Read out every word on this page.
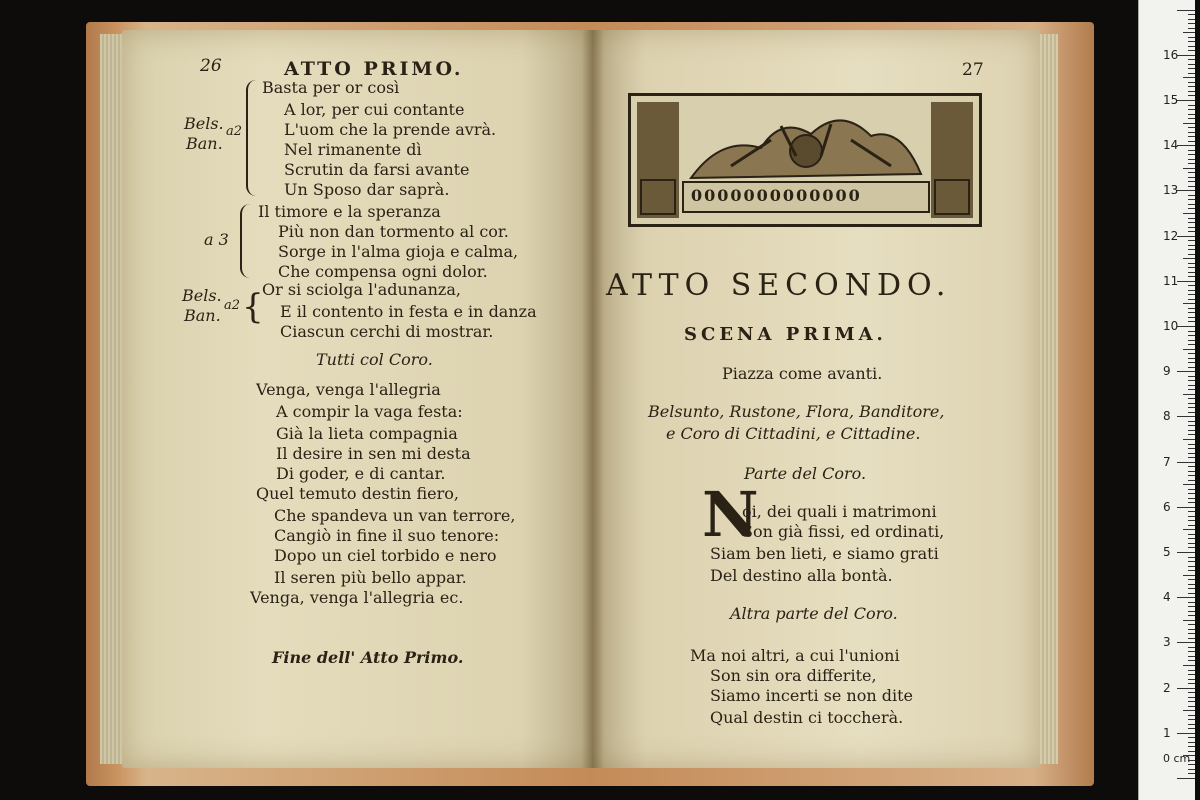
26	ATTO PRIMO.
Bels.
Ban.
a2
Basta per or così
A lor, per cui contante
L'uom che la prende avrà.
Nel rimanente dì
Scrutin da farsi avante
Un Sposo dar saprà.
a 3
Il timore e la speranza
Più non dan tormento al cor.
Sorge in l'alma gioja e calma,
Che compensa ogni dolor.
Bels.
Ban.
a2 {
Or si sciolga l'adunanza,
E il contento in festa e in danza
Ciascun cerchi di mostrar.
Tutti col Coro.
Venga, venga l'allegria
A compir la vaga festa:
Già la lieta compagnia
Il desire in sen mi desta
Di goder, e di cantar.
Quel temuto destin fiero,
Che spandeva un van terrore,
Cangiò in fine il suo tenore:
Dopo un ciel torbido e nero
Il seren più bello appar.
Venga, venga l'allegria ec.
Fine dell' Atto Primo.
27
0000000000000
ATTO SECONDO.
SCENA PRIMA.
Piazza come avanti.
Belsunto, Rustone, Flora, Banditore,
e Coro di Cittadini, e Cittadine.
Parte del Coro.
N
oi, dei quali i matrimoni
Son già fissi, ed ordinati,
Siam ben lieti, e siamo grati
Del destino alla bontà.
Altra parte del Coro.
Ma noi altri, a cui l'unioni
Son sin ora differite,
Siamo incerti se non dite
Qual destin ci toccherà.
1
2
3
4
5
6
7
8
9
10
11
12
13
14
15
16
0 cm
